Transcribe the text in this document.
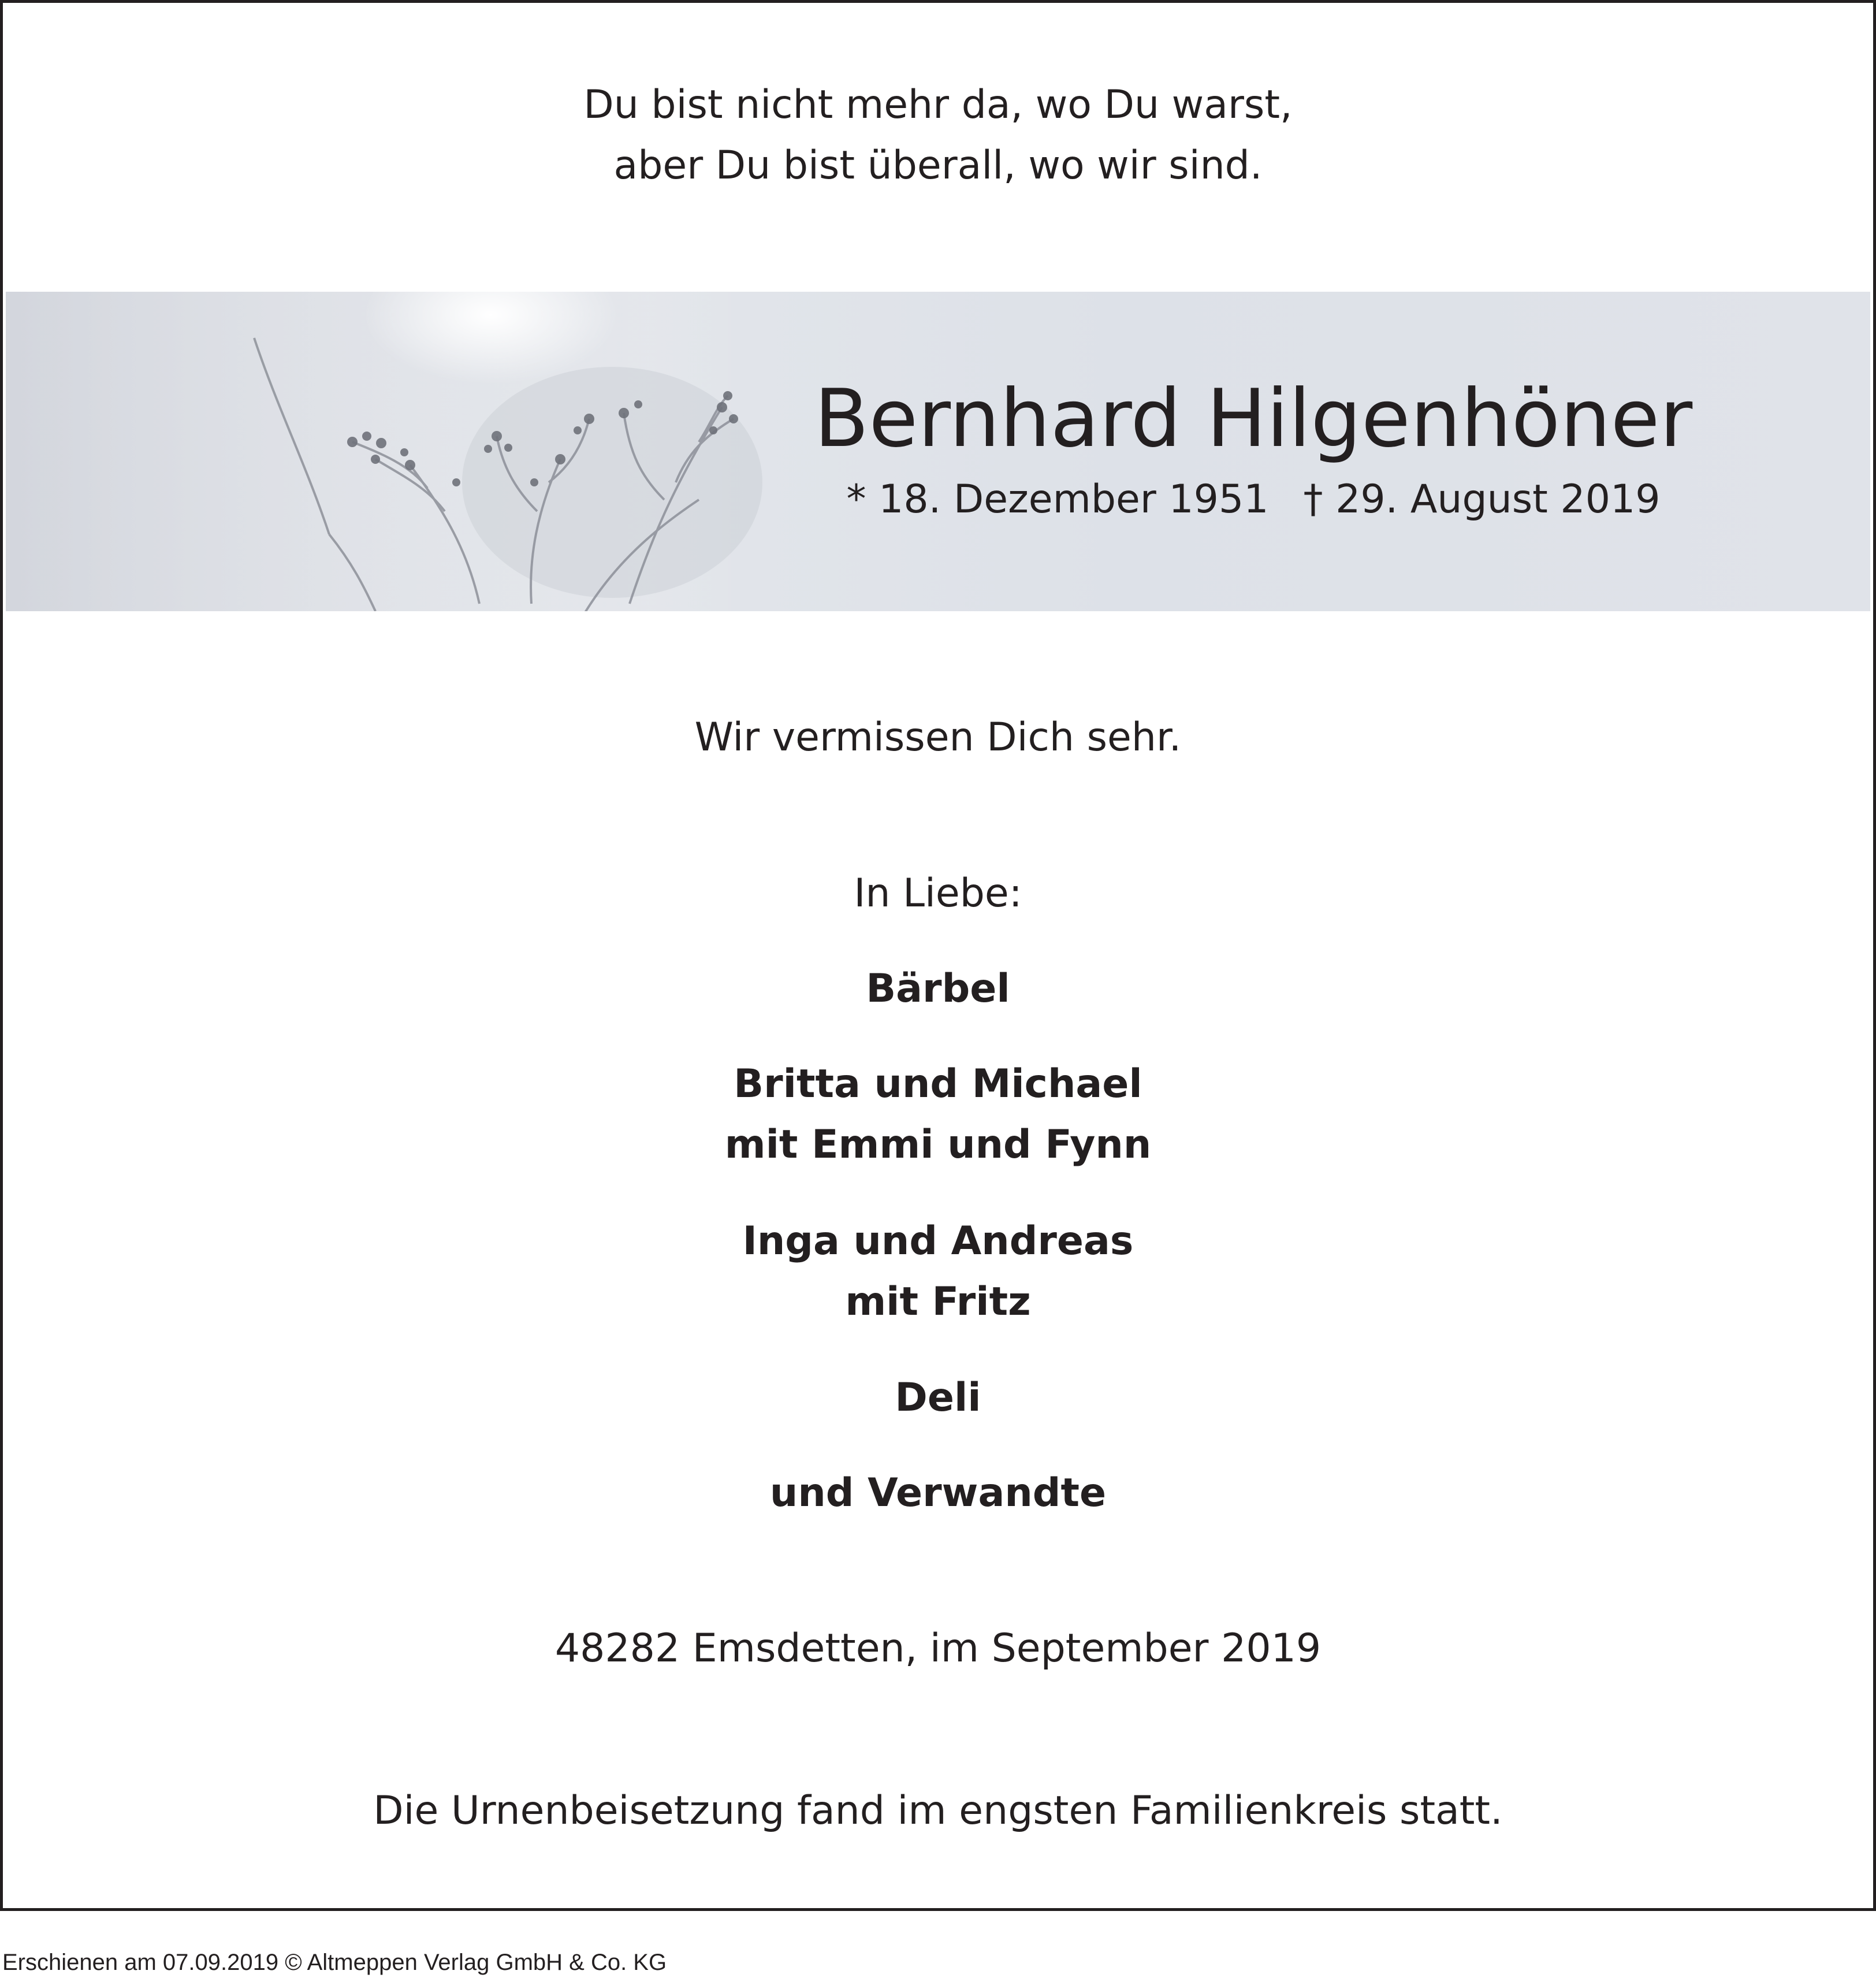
Du bist nicht mehr da, wo Du warst,
aber Du bist überall, wo wir sind.
Bernhard Hilgenhöner
* 18. Dezember 1951 † 29. August 2019
Wir vermissen Dich sehr.
In Liebe:
Bärbel
Britta und Michael
mit Emmi und Fynn
Inga und Andreas
mit Fritz
Deli
und Verwandte
48282 Emsdetten, im September 2019
Die Urnenbeisetzung fand im engsten Familienkreis statt.
Erschienen am 07.09.2019 © Altmeppen Verlag GmbH & Co. KG
